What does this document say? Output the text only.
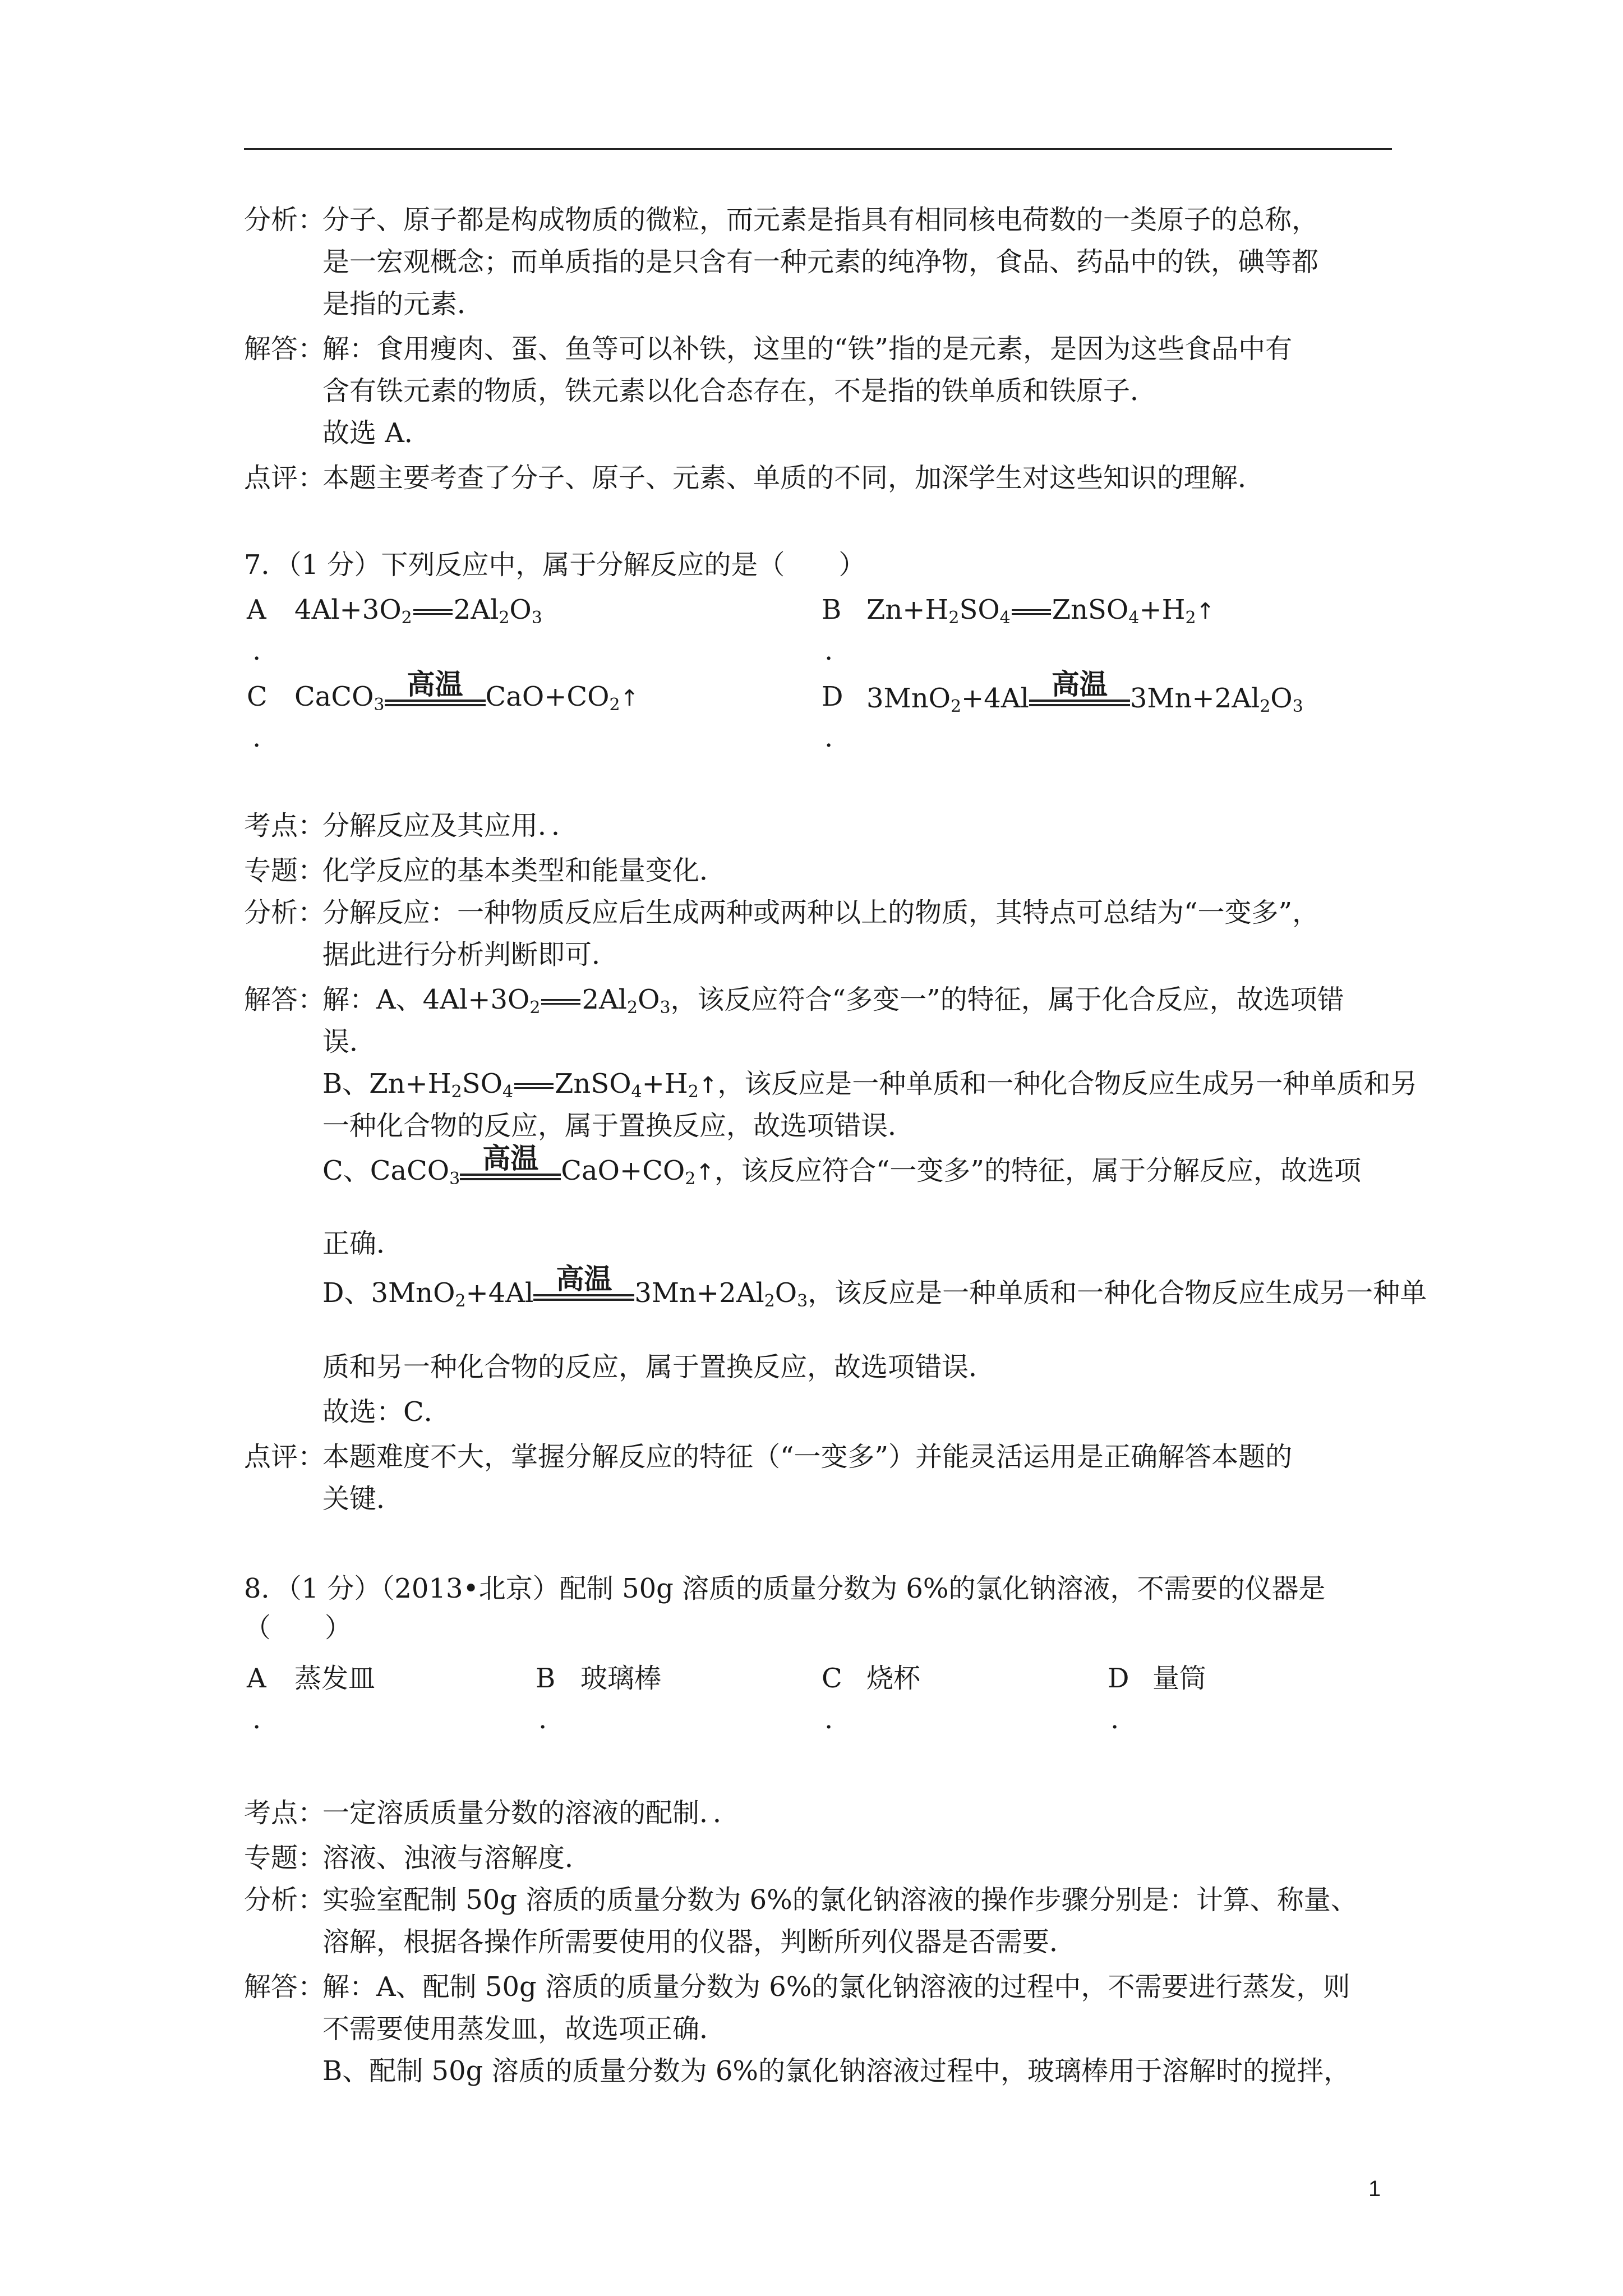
分析：
分子、原子都是构成物质的微粒，而元素是指具有相同核电荷数的一类原子的总称，
是一宏观概念；而单质指的是只含有一种元素的纯净物，食品、药品中的铁，碘等都
是指的元素．
解答：
解：食用瘦肉、蛋、鱼等可以补铁，这里的“铁”指的是元素，是因为这些食品中有
含有铁元素的物质，铁元素以化合态存在，不是指的铁单质和铁原子．
故选 A．
点评：
本题主要考查了分子、原子、元素、单质的不同，加深学生对这些知识的理解．
7．（1 分）下列反应中，属于分解反应的是（　　）
A $4Al+3O_2$ $2Al_2O_3$
.
B $Zn+H_2SO_4$ $ZnSO_4+H_2↑$
.
C CaCO$_3$
高温 $CaO+CO_2↑$
.
D 3MnO$_2$+4Al 高温 $3Mn+2Al_2O_3$
.
考点：
分解反应及其应用．．
专题：
化学反应的基本类型和能量变化．
分析：
分解反应：一种物质反应后生成两种或两种以上的物质，其特点可总结为“一变多”，
据此进行分析判断即可．
解答：
解：A、$4Al+3O_2$ $2Al_2O_3$，该反应符合“多变一”的特征，属于化合反应，故选项错
误．
B、$Zn+H_2SO_4$ $ZnSO_4+H_2↑$，该反应是一种单质和一种化合物反应生成另一种单质和另
一种化合物的反应，属于置换反应，故选项错误．
C、CaCO$_3$
高温 $CaO+CO_2↑$，该反应符合“一变多”的特征，属于分解反应，故选项
正确．
D、3MnO$_2$+4Al 高温 $3Mn+2Al_2O_3$，该反应是一种单质和一种化合物反应生成另一种单
质和另一种化合物的反应，属于置换反应，故选项错误．
故选：C．
点评：
本题难度不大，掌握分解反应的特征（“一变多”）并能灵活运用是正确解答本题的
关键．
8．（1 分）（2013•北京）配制 50g 溶质的质量分数为 6%的氯化钠溶液，不需要的仪器是
（　　）
A 蒸发皿
.
B 玻璃棒
.
C 烧杯
.
D 量筒
.
考点：
一定溶质质量分数的溶液的配制．．
专题：
溶液、浊液与溶解度．
分析：
实验室配制 50g 溶质的质量分数为 6%的氯化钠溶液的操作步骤分别是：计算、称量、
溶解，根据各操作所需要使用的仪器，判断所列仪器是否需要．
解答：
解：A、配制 50g 溶质的质量分数为 6%的氯化钠溶液的过程中，不需要进行蒸发，则
不需要使用蒸发皿，故选项正确．
B、配制 50g 溶质的质量分数为 6%的氯化钠溶液过程中，玻璃棒用于溶解时的搅拌，
1
